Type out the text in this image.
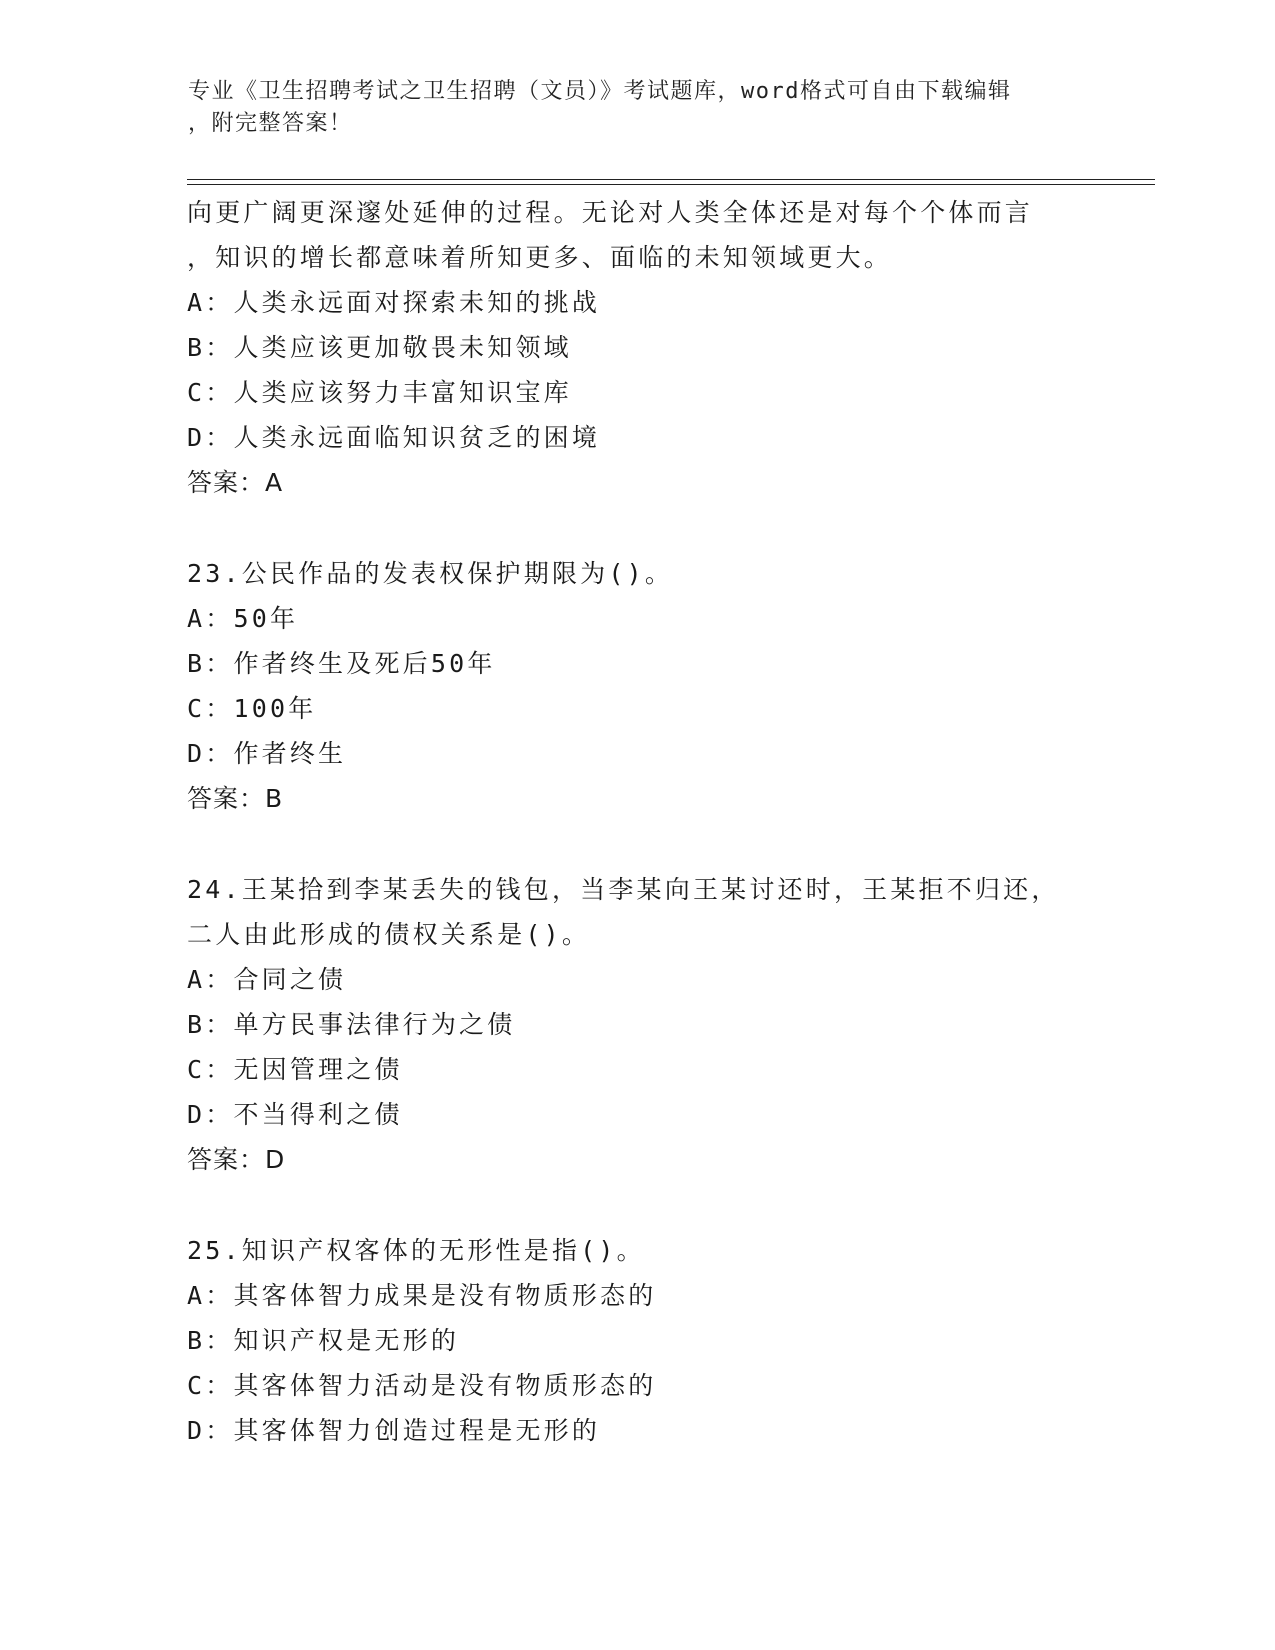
专业《卫生招聘考试之卫生招聘（文员）》考试题库，word格式可自由下载编辑
，附完整答案！
向更广阔更深邃处延伸的过程。无论对人类全体还是对每个个体而言
，知识的增长都意味着所知更多、面临的未知领域更大。
A：人类永远面对探索未知的挑战
B：人类应该更加敬畏未知领域
C：人类应该努力丰富知识宝库
D：人类永远面临知识贫乏的困境
答案：A
23.公民作品的发表权保护期限为()。
A：50年
B：作者终生及死后50年
C：100年
D：作者终生
答案：B
24.王某拾到李某丢失的钱包，当李某向王某讨还时，王某拒不归还，
二人由此形成的债权关系是()。
A：合同之债
B：单方民事法律行为之债
C：无因管理之债
D：不当得利之债
答案：D
25.知识产权客体的无形性是指()。
A：其客体智力成果是没有物质形态的
B：知识产权是无形的
C：其客体智力活动是没有物质形态的
D：其客体智力创造过程是无形的
